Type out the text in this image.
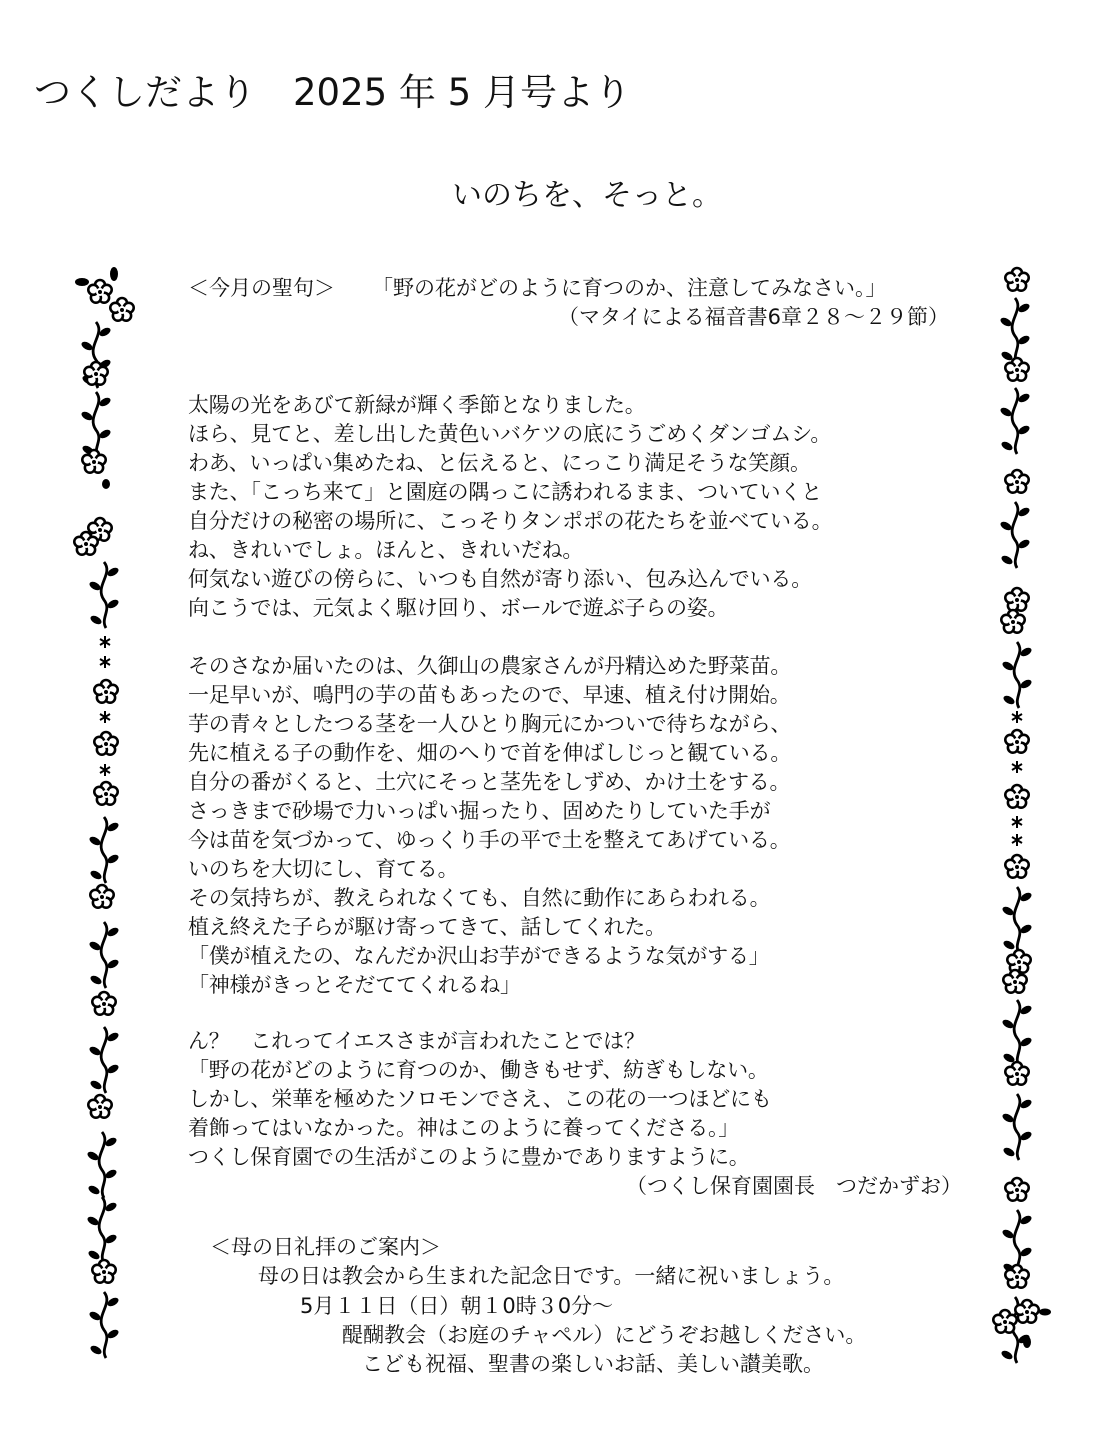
つくしだより　2025 年 5 月号より
いのちを、そっと。
＜今月の聖句＞ 「野の花がどのように育つのか、注意してみなさい。」
（マタイによる福音書6章２８～２９節）
太陽の光をあびて新緑が輝く季節となりました。
ほら、見てと、差し出した黄色いバケツの底にうごめくダンゴムシ。
わあ、いっぱい集めたね、と伝えると、にっこり満足そうな笑顔。
また、「こっち来て」と園庭の隅っこに誘われるまま、ついていくと
自分だけの秘密の場所に、こっそりタンポポの花たちを並べている。
ね、きれいでしょ。ほんと、きれいだね。
何気ない遊びの傍らに、いつも自然が寄り添い、包み込んでいる。
向こうでは、元気よく駆け回り、ボールで遊ぶ子らの姿。
そのさなか届いたのは、久御山の農家さんが丹精込めた野菜苗。
一足早いが、鳴門の芋の苗もあったので、早速、植え付け開始。
芋の青々としたつる茎を一人ひとり胸元にかついで待ちながら、
先に植える子の動作を、畑のへりで首を伸ばしじっと観ている。
自分の番がくると、土穴にそっと茎先をしずめ、かけ土をする。
さっきまで砂場で力いっぱい掘ったり、固めたりしていた手が
今は苗を気づかって、ゆっくり手の平で土を整えてあげている。
いのちを大切にし、育てる。
その気持ちが、教えられなくても、自然に動作にあらわれる。
植え終えた子らが駆け寄ってきて、話してくれた。
「僕が植えたの、なんだか沢山お芋ができるような気がする」
「神様がきっとそだててくれるね」
ん？　これってイエスさまが言われたことでは？
「野の花がどのように育つのか、働きもせず、紡ぎもしない。
しかし、栄華を極めたソロモンでさえ、この花の一つほどにも
着飾ってはいなかった。神はこのように養ってくださる。」
つくし保育園での生活がこのように豊かでありますように。
（つくし保育園園長　つだかずお）
＜母の日礼拝のご案内＞
母の日は教会から生まれた記念日です。一緒に祝いましょう。
5月１１日（日）朝１0時３0分～
醍醐教会（お庭のチャペル）にどうぞお越しください。
こども祝福、聖書の楽しいお話、美しい讃美歌。
